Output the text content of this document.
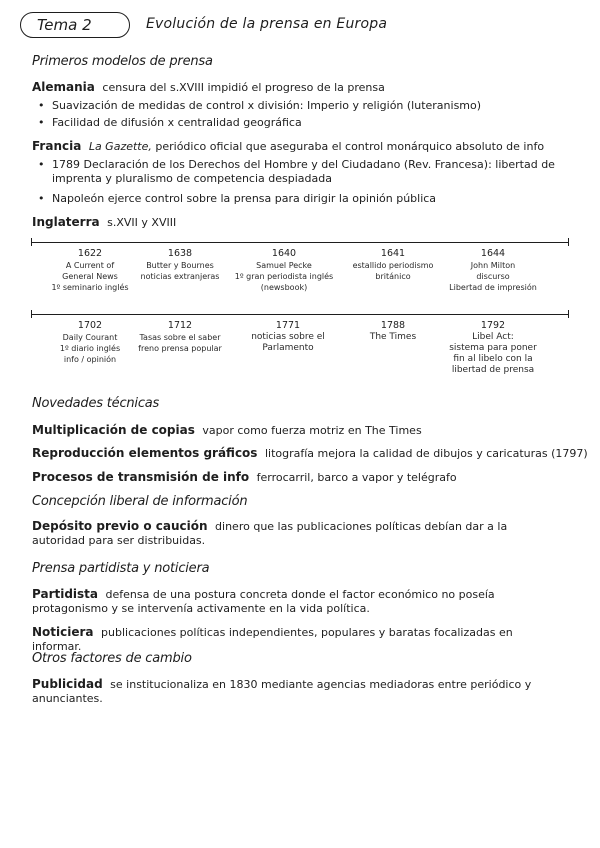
Tema 2	Evolución de la prensa en Europa
Primeros modelos de prensa
Alemania censura del s.XVIII impidió el progreso de la prensa
• Suavización de medidas de control x división: Imperio y religión (luteranismo)
• Facilidad de difusión x centralidad geográfica
Francia La Gazette, periódico oficial que aseguraba el control monárquico absoluto de info
• 1789 Declaración de los Derechos del Hombre y del Ciudadano (Rev. Francesa): libertad de imprenta y pluralismo de competencia despiadada
• Napoleón ejerce control sobre la prensa para dirigir la opinión pública
Inglaterra s.XVII y XVIII
1622
A Current of
General News
1º seminario inglés
1638
Butter y Bournes
noticias extranjeras
1640
Samuel Pecke
1º gran periodista inglés
(newsbook)
1641
estallido periodismo
británico
1644
John Milton
discurso
Libertad de impresión
1702
Daily Courant
1º diario inglés
info / opinión
1712
Tasas sobre el saber
freno prensa popular
1771
noticias sobre el
Parlamento
1788
The Times
1792
Libel Act:
sistema para poner
fin al libelo con la
libertad de prensa
Novedades técnicas
Multiplicación de copias vapor como fuerza motriz en The Times
Reproducción elementos gráficos litografía mejora la calidad de dibujos y caricaturas (1797)
Procesos de transmisión de info ferrocarril, barco a vapor y telégrafo
Concepción liberal de información
Depósito previo o caución dinero que las publicaciones políticas debían dar a la autoridad para ser distribuidas.
Prensa partidista y noticiera
Partidista defensa de una postura concreta donde el factor económico no poseía protagonismo y se intervenía activamente en la vida política.
Noticiera publicaciones políticas independientes, populares y baratas focalizadas en informar.
Otros factores de cambio
Publicidad se institucionaliza en 1830 mediante agencias mediadoras entre periódico y anunciantes.
